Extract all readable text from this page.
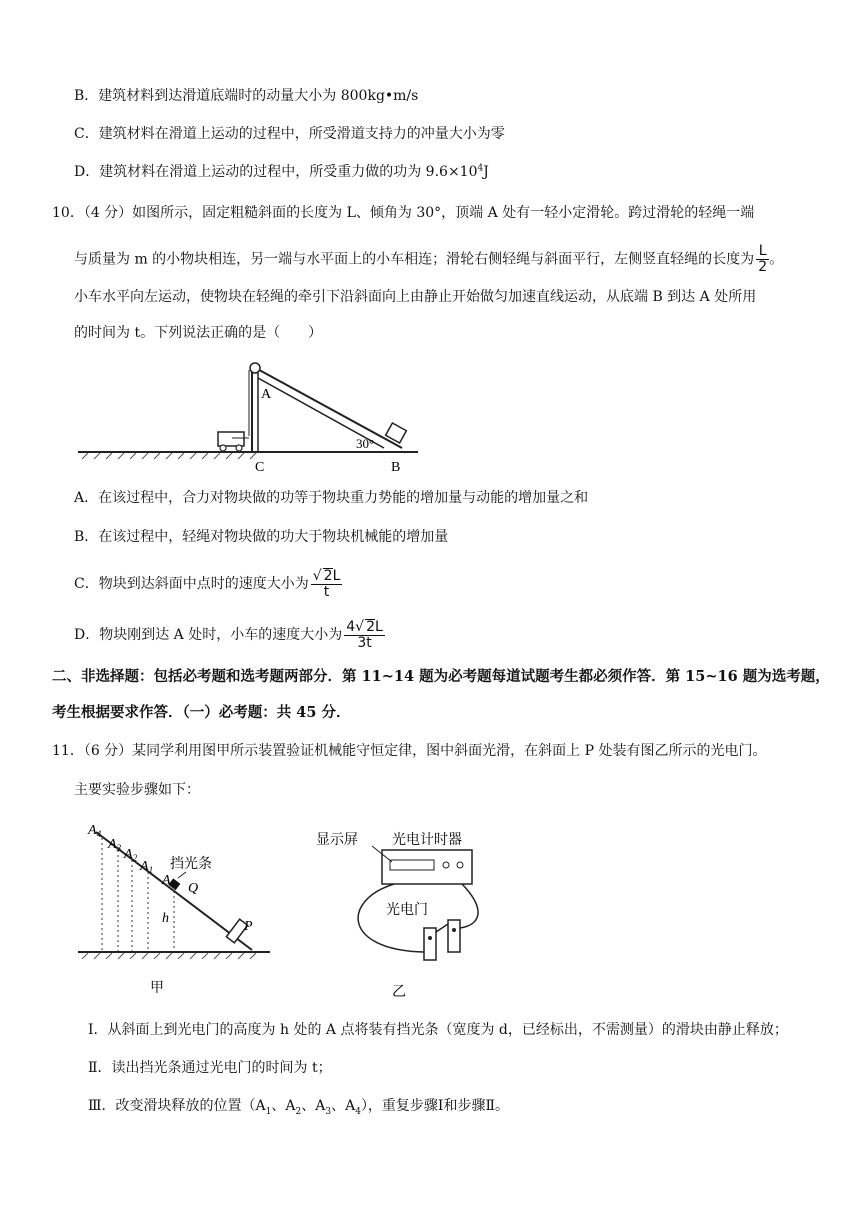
B．建筑材料到达滑道底端时的动量大小为 800kg•m/s
C．建筑材料在滑道上运动的过程中，所受滑道支持力的冲量大小为零
D．建筑材料在滑道上运动的过程中，所受重力做的功为 $9.6\times 10^4J$
10．（4 分）如图所示，固定粗糙斜面的长度为 L、倾角为 30°，顶端 A 处有一轻小定滑轮。跨过滑轮的轻绳一端
与质量为 m 的小物块相连，另一端与水平面上的小车相连；滑轮右侧轻绳与斜面平行，左侧竖直轻绳的长度为 $\frac{L}{2}$ 。
小车水平向左运动，使物块在轻绳的牵引下沿斜面向上由静止开始做匀加速直线运动，从底端 B 到达 A 处所用
的时间为 t。下列说法正确的是（　　）
A
30°
C	B
A．在该过程中，合力对物块做的功等于物块重力势能的增加量与动能的增加量之和
B．在该过程中，轻绳对物块做的功大于物块机械能的增加量
C．物块到达斜面中点时的速度大小为 $\frac{√ 2L}{t}$
D．物块刚到达 A 处时，小车的速度大小为 $\frac{4√ 2L}{3t}$
二、非选择题：包括必考题和选考题两部分．第 11~14 题为必考题每道试题考生都必须作答．第 15~16 题为选考题，
考生根据要求作答．（一）必考题：共 45 分．
11．（6 分）某同学利用图甲所示装置验证机械能守恒定律，图中斜面光滑，在斜面上 P 处装有图乙所示的光电门。
主要实验步骤如下：
$A_4$
$A_3$ $A_2$
$A_1$
A
挡光条
Q
h
P
甲
显示屏 光电计时器
光电门
乙
Ⅰ．从斜面上到光电门的高度为 h 处的 A 点将装有挡光条（宽度为 d，已经标出，不需测量）的滑块由静止释放；
Ⅱ．读出挡光条通过光电门的时间为 t；
Ⅲ．改变滑块释放的位置（$A_1$、$A_2$、$A_3$、$A_4$），重复步骤Ⅰ和步骤Ⅱ。
